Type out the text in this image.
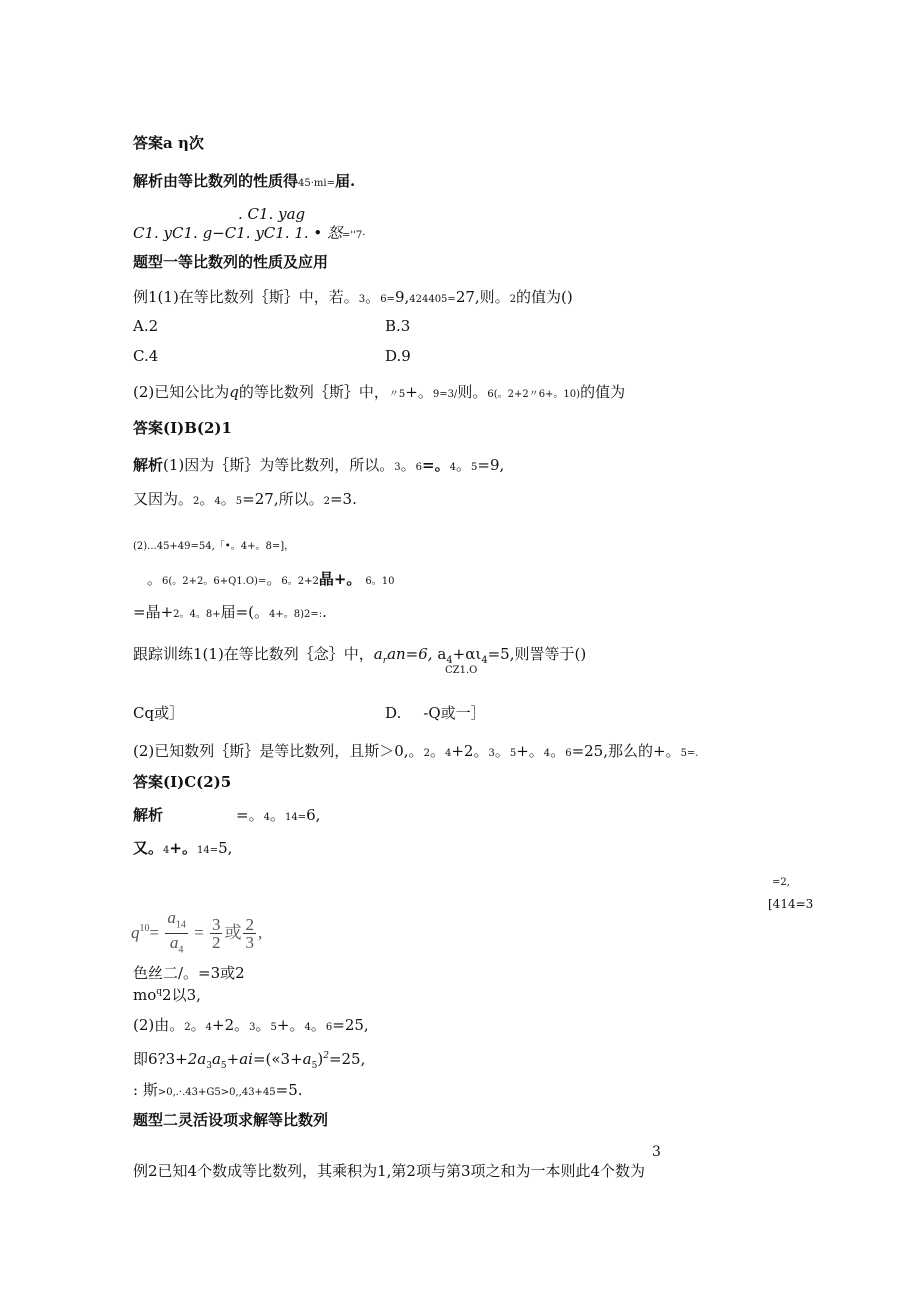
答案a η次
解析由等比数列的性质得45·mi=届.
. C1. yag
C1. yC1. g−C1. yC1. 1. • 怒=''7·
题型一等比数列的性质及应用
例1(1)在等比数列｛斯｝中，若。3。6=9,424405=27,则。2的值为()
A.2	B.3
C.4	D.9
(2)已知公比为q的等比数列｛斯｝中，〃5+。9=3/则。6(。2+2〃6+。10)的值为
答案(I)B(2)1
解析(1)因为｛斯｝为等比数列，所以。3。6=。4。5=9,
又因为。2。4。5=27,所以。2=3.
(2)...45+49=54,「•。4+。8=]，
。6(。2+2。6+Q1.O)=。6。2+2晶+。 6。10
=晶+2。4。8+届=(。4+。8)2=:.
跟踪训练1(1)在等比数列｛念｝中，$a_ran=6$, $a_4+\alpha\iota_4=5$,则詈等于()
CZ1.O
Cq或］	D. -Q或一］
(2)已知数列｛斯｝是等比数列，且斯＞0,。2。4+2。3。5+。4。6=25,那么的+。5=.
答案(I)C(2)5
解析	=。4。14=6,
又。4+。14=5,
=2,
[414=3
$q^{10}= \frac{a_{14}}{a_4} = \frac{3}{2}$ 或 $\frac{2}{3}$ ,
色丝二/。=3或2
$mo^q2$以3,
(2)由。2。4+2。3。5+。4。6=25,
即$6?3+2a_3a_5+ai=(«3+a_5)^2=25$,
: 斯>0,.·.43+G5>0,,43+45=5.
题型二灵活设项求解等比数列
3
例2已知4个数成等比数列，其乘积为1,第2项与第3项之和为一本则此4个数为
